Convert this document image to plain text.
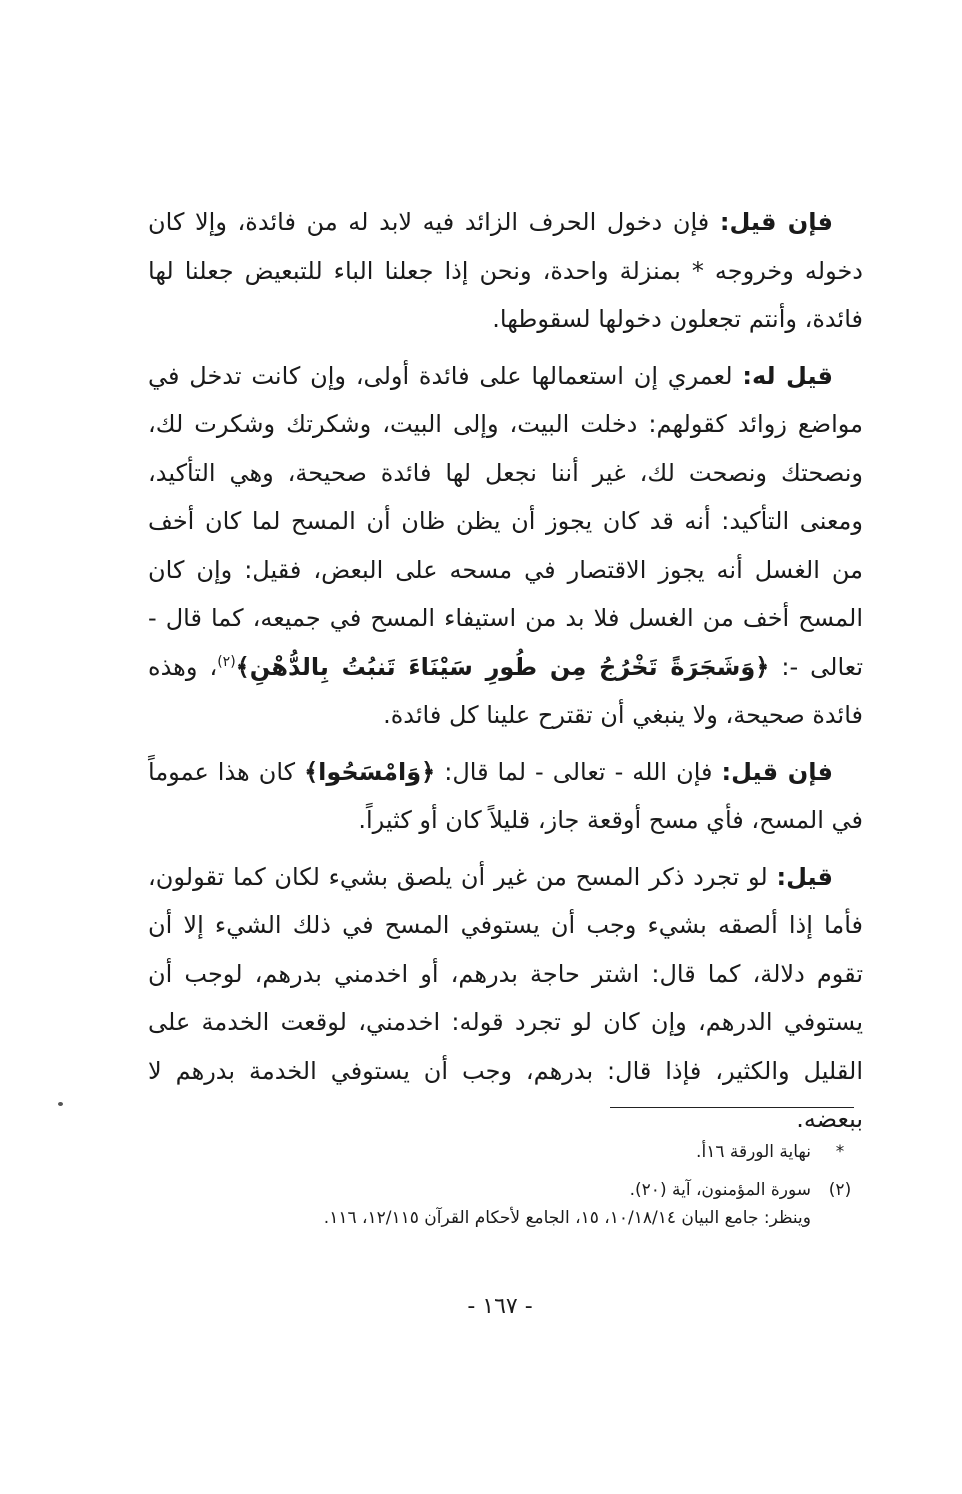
فإن قيل: فإن دخول الحرف الزائد فيه لابد له من فائدة، وإلا كان دخوله وخروجه * بمنزلة واحدة، ونحن إذا جعلنا الباء للتبعيض جعلنا لها فائدة، وأنتم تجعلون دخولها لسقوطها.

قيل له: لعمري إن استعمالها على فائدة أولى، وإن كانت تدخل في مواضع زوائد كقولهم: دخلت البيت، وإلى البيت، وشكرتك وشكرت لك، ونصحتك ونصحت لك، غير أننا نجعل لها فائدة صحيحة، وهي التأكيد، ومعنى التأكيد: أنه قد كان يجوز أن يظن ظان أن المسح لما كان أخف من الغسل أنه يجوز الاقتصار في مسحه على البعض، فقيل: وإن كان المسح أخف من الغسل فلا بد من استيفاء المسح في جميعه، كما قال - تعالى -: ﴿وَشَجَرَةً تَخْرُجُ مِن طُورِ سَيْنَاءَ تَنبُتُ بِالدُّهْنِ﴾$^{(٢)}$، وهذه فائدة صحيحة، ولا ينبغي أن تقترح علينا كل فائدة.

فإن قيل: فإن الله - تعالى - لما قال: ﴿وَامْسَحُوا﴾ كان هذا عموماً في المسح، فأي مسح أوقعة جاز، قليلاً كان أو كثيراً.

قيل: لو تجرد ذكر المسح من غير أن يلصق بشيء لكان كما تقولون، فأما إذا ألصقه بشيء وجب أن يستوفي المسح في ذلك الشيء إلا أن تقوم دلالة، كما قال: اشتر حاجة بدرهم، أو اخدمني بدرهم، لوجب أن يستوفي الدرهم، وإن كان لو تجرد قوله: اخدمني، لوقعت الخدمة على القليل والكثير، فإذا قال: بدرهم، وجب أن يستوفي الخدمة بدرهم لا ببعضه.

*
نهاية الورقة ١٦أ.
(٢)
سورة المؤمنون، آية (٢٠).
وينظر: جامع البيان ١٠/١٨/١٤، ١٥، الجامع لأحكام القرآن ١٢/١١٥، ١١٦.
- ١٦٧ -
